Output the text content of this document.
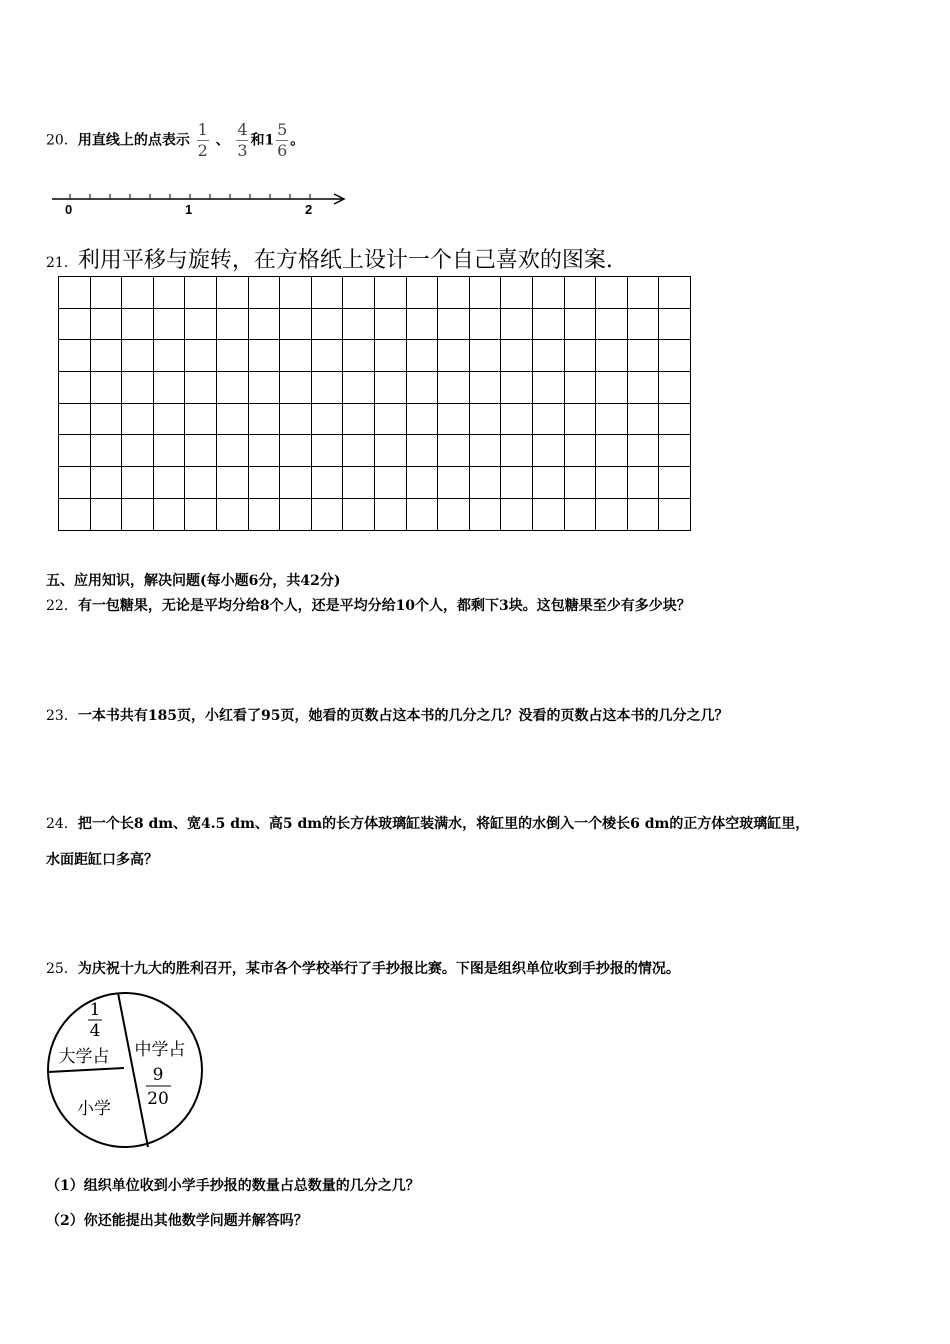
20．用直线上的点表示 $\frac{1}{2}$ 、 $\frac{4}{3}$ 和$1 \frac{5}{6}$ 。
0	1	2
21．利用平移与旋转，在方格纸上设计一个自己喜欢的图案.

五、应用知识，解决问题(每小题6分，共42分)
22．有一包糖果，无论是平均分给8个人，还是平均分给10个人，都剩下3块。这包糖果至少有多少块？
23．一本书共有185页，小红看了95页，她看的页数占这本书的几分之几？没看的页数占这本书的几分之几？
24．把一个长8 dm、宽4.5 dm、高5 dm的长方体玻璃缸装满水，将缸里的水倒入一个棱长6 dm的正方体空玻璃缸里，
水面距缸口多高？
25．为庆祝十九大的胜利召开，某市各个学校举行了手抄报比赛。下图是组织单位收到手抄报的情况。
1
4
大学占 中学占
9
20
小学
（1）组织单位收到小学手抄报的数量占总数量的几分之几？
（2）你还能提出其他数学问题并解答吗？
